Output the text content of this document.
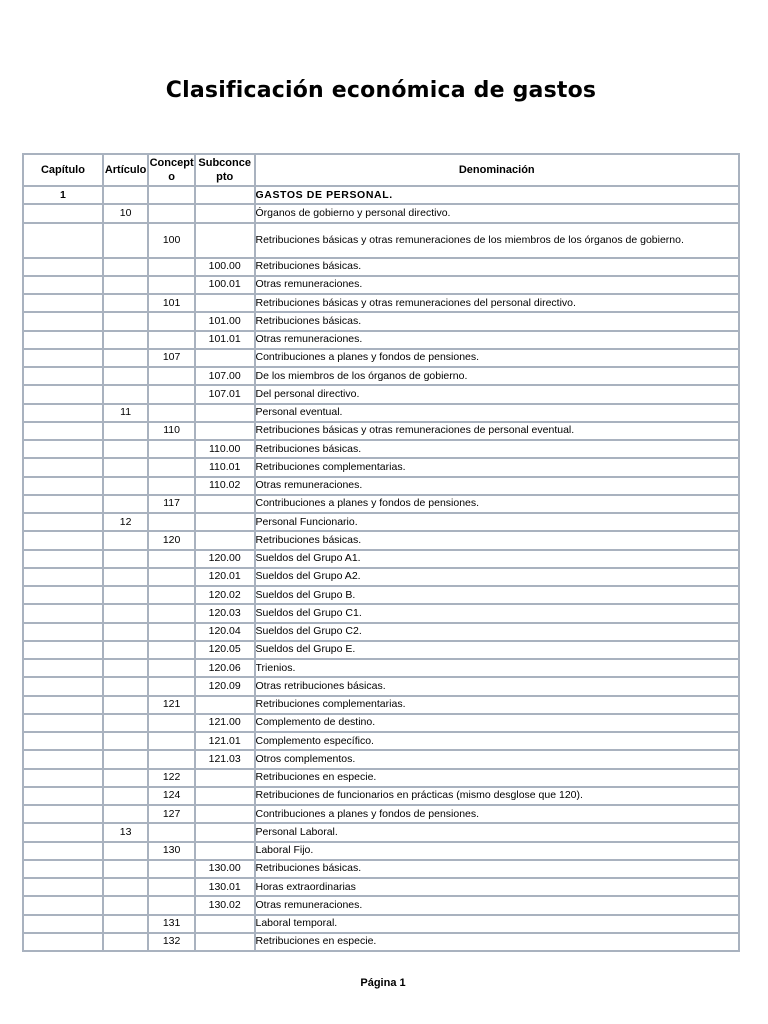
Clasificación económica de gastos
Capítulo	Artículo	Concepto	Subconcepto	Denominación
1				GASTOS DE PERSONAL.
	10			Órganos de gobierno y personal directivo.
		100		Retribuciones básicas y otras remuneraciones de los miembros de los órganos de gobierno.
			100.00	Retribuciones básicas.
			100.01	Otras remuneraciones.
		101		Retribuciones básicas y otras remuneraciones del personal directivo.
			101.00	Retribuciones básicas.
			101.01	Otras remuneraciones.
		107		Contribuciones a planes y fondos de pensiones.
			107.00	De los miembros de los órganos de gobierno.
			107.01	Del personal directivo.
	11			Personal eventual.
		110		Retribuciones básicas y otras remuneraciones de personal eventual.
			110.00	Retribuciones básicas.
			110.01	Retribuciones complementarias.
			110.02	Otras remuneraciones.
		117		Contribuciones a planes y fondos de pensiones.
	12			Personal Funcionario.
		120		Retribuciones básicas.
			120.00	Sueldos del Grupo A1.
			120.01	Sueldos del Grupo A2.
			120.02	Sueldos del Grupo B.
			120.03	Sueldos del Grupo C1.
			120.04	Sueldos del Grupo C2.
			120.05	Sueldos del Grupo E.
			120.06	Trienios.
			120.09	Otras retribuciones básicas.
		121		Retribuciones complementarias.
			121.00	Complemento de destino.
			121.01	Complemento específico.
			121.03	Otros complementos.
		122		Retribuciones en especie.
		124		Retribuciones de funcionarios en prácticas (mismo desglose que 120).
		127		Contribuciones a planes y fondos de pensiones.
	13			Personal Laboral.
		130		Laboral Fijo.
			130.00	Retribuciones básicas.
			130.01	Horas extraordinarias
			130.02	Otras remuneraciones.
		131		Laboral temporal.
		132		Retribuciones en especie.
Página 1
